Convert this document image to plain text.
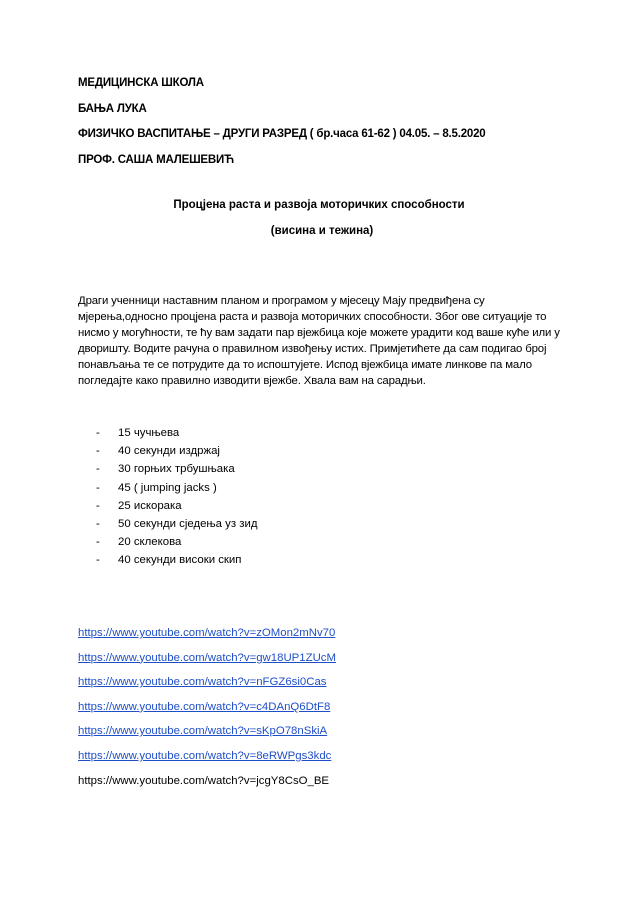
МЕДИЦИНСКА ШКОЛА
БАЊА ЛУКА
ФИЗИЧКО ВАСПИТАЊЕ – ДРУГИ РАЗРЕД ( бр.часа 61-62 ) 04.05. – 8.5.2020
ПРОФ. САША МАЛЕШЕВИЋ
Процјена раста и развоја моторичких способности
(висина и тежина)
Драги ученници наставним планом и програмом у мјесецу Мају предвиђена су
мјерења,односно процјена раста и развоја моторичких способности. Збoг ове ситуације то
нисмо у могућности, те ћу вам задати пар вјежбица које можете урадити код ваше куће или у
дворишту. Водите рачуна о правилном извођењу истих. Примјетићете да сам подигао број
понављања те се потрудите да то испоштујете. Испод вјежбица имате линкове па мало
погледајте како правилно изводити вјежбе. Хвала вам на сарадњи.
- 15 чучњева
- 40 секунди издржај
- 30 горњих трбушњака
- 45 ( jumping jacks )
- 25 искорака
- 50 секунди сједења уз зид
- 20 склекова
- 40 секунди високи скип
https://www.youtube.com/watch?v=zOMon2mNv70
https://www.youtube.com/watch?v=gw18UP1ZUcM
https://www.youtube.com/watch?v=nFGZ6si0Cas
https://www.youtube.com/watch?v=c4DAnQ6DtF8
https://www.youtube.com/watch?v=sKpO78nSkiA
https://www.youtube.com/watch?v=8eRWPgs3kdc
https://www.youtube.com/watch?v=jcgY8CsO_BE
